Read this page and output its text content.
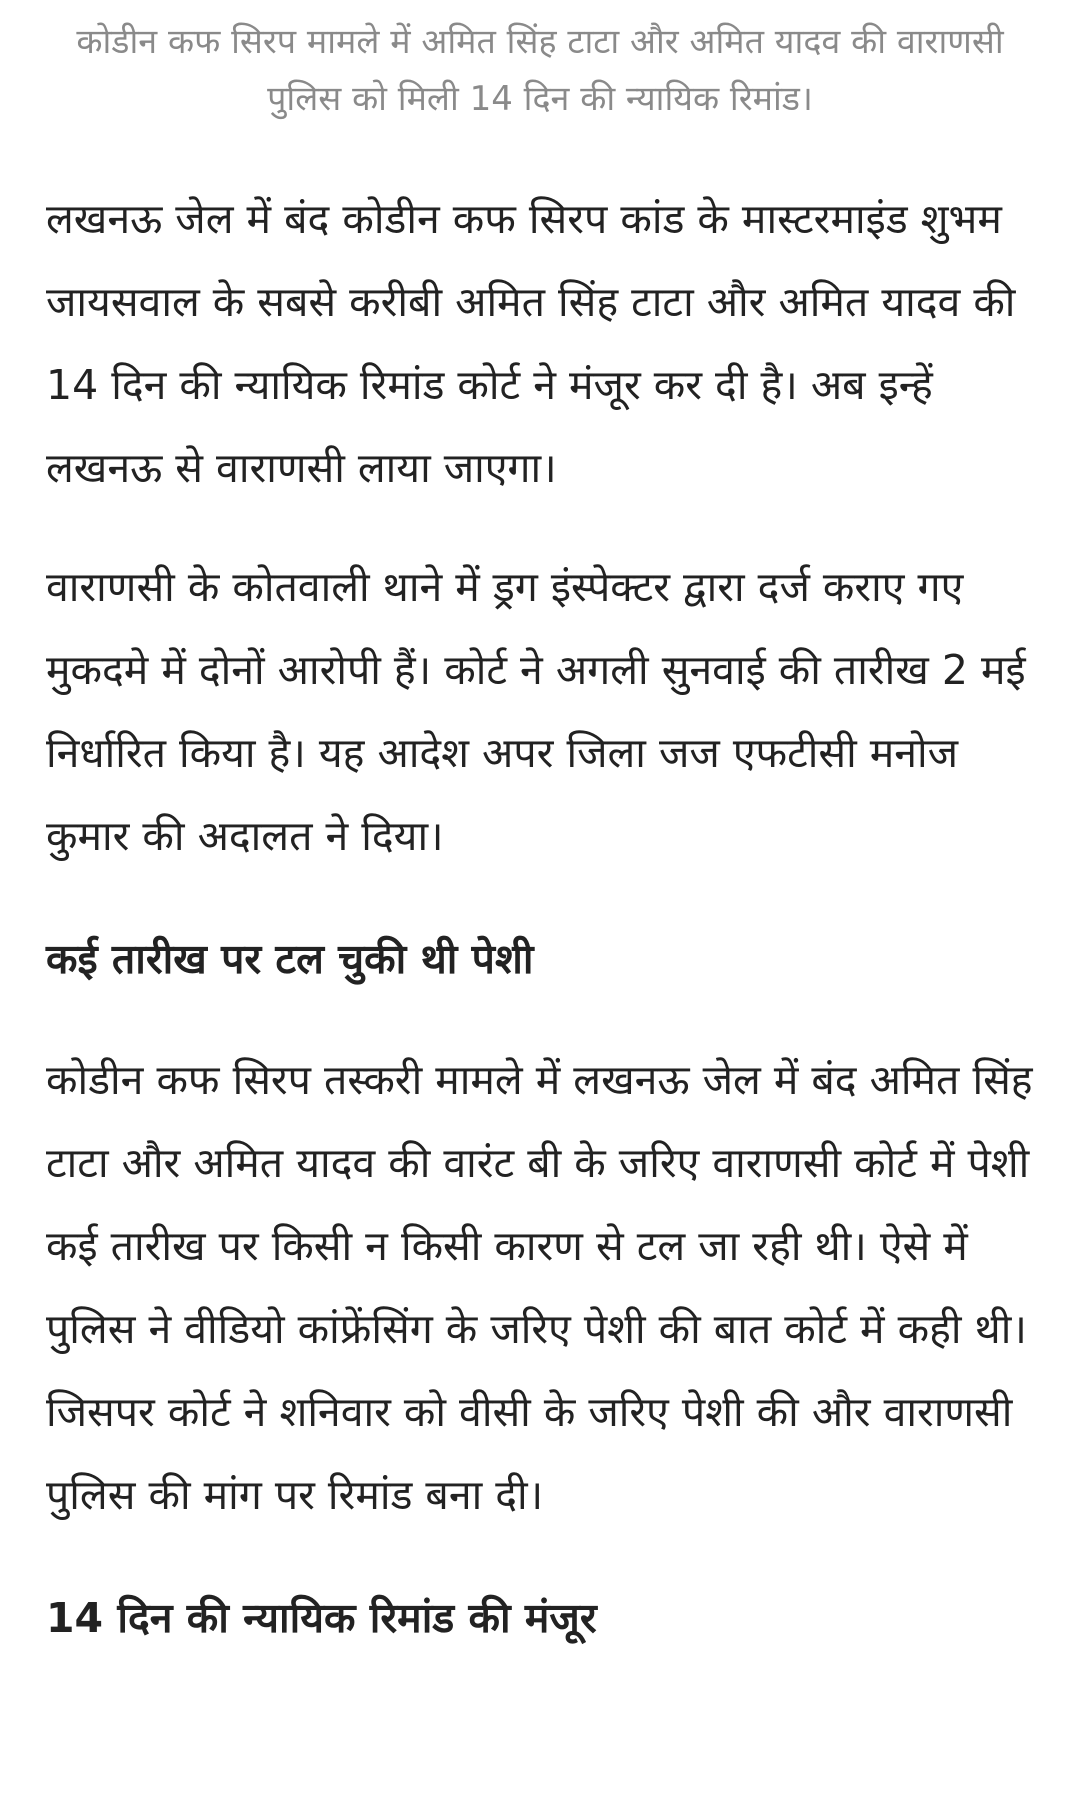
कोडीन कफ सिरप मामले में अमित सिंह टाटा और अमित यादव की वाराणसी पुलिस को मिली 14 दिन की न्यायिक रिमांड।

लखनऊ जेल में बंद कोडीन कफ सिरप कांड के मास्टरमाइंड शुभम जायसवाल के सबसे करीबी अमित सिंह टाटा और अमित यादव की 14 दिन की न्यायिक रिमांड कोर्ट ने मंजूर कर दी है। अब इन्हें लखनऊ से वाराणसी लाया जाएगा।

वाराणसी के कोतवाली थाने में ड्रग इंस्पेक्टर द्वारा दर्ज कराए गए मुकदमे में दोनों आरोपी हैं। कोर्ट ने अगली सुनवाई की तारीख 2 मई निर्धारित किया है। यह आदेश अपर जिला जज एफटीसी मनोज कुमार की अदालत ने दिया।

कई तारीख पर टल चुकी थी पेशी

कोडीन कफ सिरप तस्करी मामले में लखनऊ जेल में बंद अमित सिंह टाटा और अमित यादव की वारंट बी के जरिए वाराणसी कोर्ट में पेशी कई तारीख पर किसी न किसी कारण से टल जा रही थी। ऐसे में पुलिस ने वीडियो कांफ्रेंसिंग के जरिए पेशी की बात कोर्ट में कही थी। जिसपर कोर्ट ने शनिवार को वीसी के जरिए पेशी की और वाराणसी पुलिस की मांग पर रिमांड बना दी।

14 दिन की न्यायिक रिमांड की मंजूर
